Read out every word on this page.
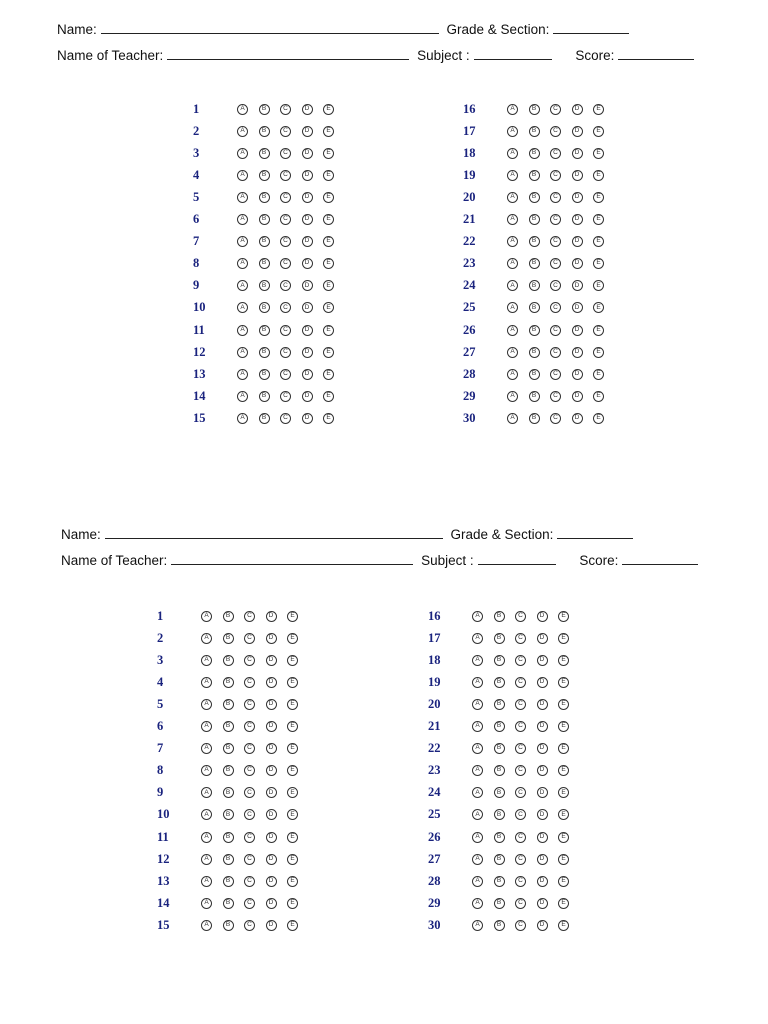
Name:	Grade & Section:
Name of Teacher:	Subject :	Score:
1	A	B	C	D	E
2	A	B	C	D	E
3	A	B	C	D	E
4	A	B	C	D	E
5	A	B	C	D	E
6	A	B	C	D	E
7	A	B	C	D	E
8	A	B	C	D	E
9	A	B	C	D	E
10	A	B	C	D	E
11	A	B	C	D	E
12	A	B	C	D	E
13	A	B	C	D	E
14	A	B	C	D	E
15	A	B	C	D	E
16	A	B	C	D	E
17	A	B	C	D	E
18	A	B	C	D	E
19	A	B	C	D	E
20	A	B	C	D	E
21	A	B	C	D	E
22	A	B	C	D	E
23	A	B	C	D	E
24	A	B	C	D	E
25	A	B	C	D	E
26	A	B	C	D	E
27	A	B	C	D	E
28	A	B	C	D	E
29	A	B	C	D	E
30	A	B	C	D	E
Name:	Grade & Section:
Name of Teacher:	Subject :	Score:
1	A	B	C	D	E
2	A	B	C	D	E
3	A	B	C	D	E
4	A	B	C	D	E
5	A	B	C	D	E
6	A	B	C	D	E
7	A	B	C	D	E
8	A	B	C	D	E
9	A	B	C	D	E
10	A	B	C	D	E
11	A	B	C	D	E
12	A	B	C	D	E
13	A	B	C	D	E
14	A	B	C	D	E
15	A	B	C	D	E
16	A	B	C	D	E
17	A	B	C	D	E
18	A	B	C	D	E
19	A	B	C	D	E
20	A	B	C	D	E
21	A	B	C	D	E
22	A	B	C	D	E
23	A	B	C	D	E
24	A	B	C	D	E
25	A	B	C	D	E
26	A	B	C	D	E
27	A	B	C	D	E
28	A	B	C	D	E
29	A	B	C	D	E
30	A	B	C	D	E
